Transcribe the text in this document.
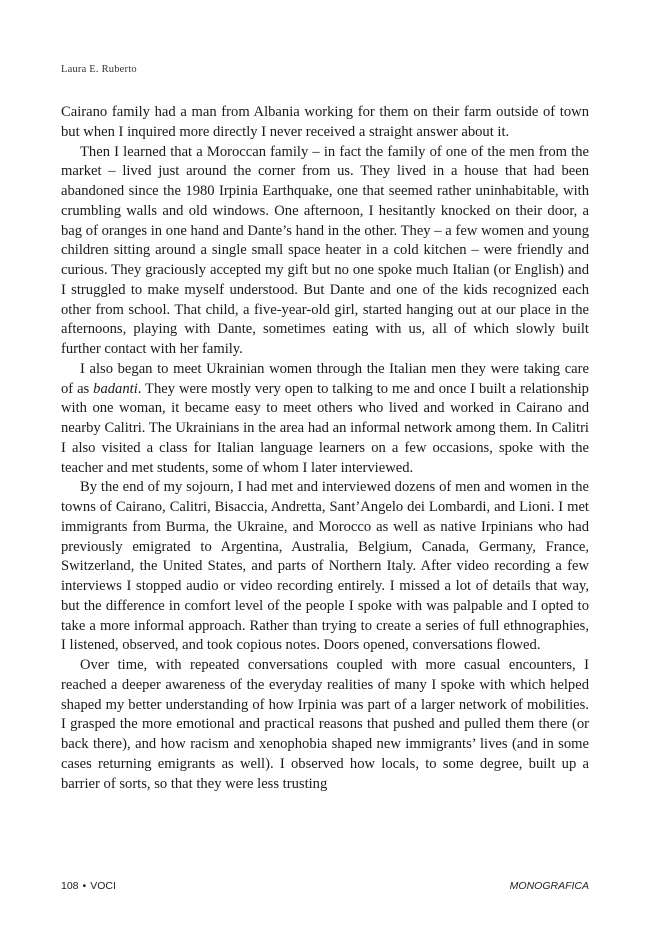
Laura E. Ruberto

Cairano family had a man from Albania working for them on their farm outside of town but when I inquired more directly I never received a straight answer about it.

Then I learned that a Moroccan family – in fact the family of one of the men from the market – lived just around the corner from us. They lived in a house that had been abandoned since the 1980 Irpinia Earthquake, one that seemed rather uninhabitable, with crumbling walls and old windows. One afternoon, I hesitantly knocked on their door, a bag of oranges in one hand and Dante’s hand in the other. They – a few women and young children sitting around a single small space heater in a cold kitchen – were friendly and curious. They graciously accepted my gift but no one spoke much Italian (or English) and I struggled to make myself understood. But Dante and one of the kids recognized each other from school. That child, a five-year-old girl, started hanging out at our place in the afternoons, playing with Dante, sometimes eating with us, all of which slowly built further contact with her family.

I also began to meet Ukrainian women through the Italian men they were taking care of as badanti. They were mostly very open to talking to me and once I built a relationship with one woman, it became easy to meet others who lived and worked in Cairano and nearby Calitri. The Ukrainians in the area had an informal network among them. In Calitri I also visited a class for Italian language learners on a few occasions, spoke with the teacher and met students, some of whom I later interviewed.

By the end of my sojourn, I had met and interviewed dozens of men and women in the towns of Cairano, Calitri, Bisaccia, Andretta, Sant’Angelo dei Lombardi, and Lioni. I met immigrants from Burma, the Ukraine, and Morocco as well as native Irpinians who had previously emigrated to Argentina, Australia, Belgium, Canada, Germany, France, Switzerland, the United States, and parts of Northern Italy. After video recording a few interviews I stopped audio or video recording entirely. I missed a lot of details that way, but the difference in comfort level of the people I spoke with was palpable and I opted to take a more informal approach. Rather than trying to create a series of full ethnographies, I listened, observed, and took copious notes. Doors opened, conversations flowed.

Over time, with repeated conversations coupled with more casual encounters, I reached a deeper awareness of the everyday realities of many I spoke with which helped shaped my better understanding of how Irpinia was part of a larger network of mobilities. I grasped the more emotional and practical reasons that pushed and pulled them there (or back there), and how racism and xenophobia shaped new immigrants’ lives (and in some cases returning emigrants as well). I observed how locals, to some degree, built up a barrier of sorts, so that they were less trusting

108 • VOCI	MONOGRAFICA
